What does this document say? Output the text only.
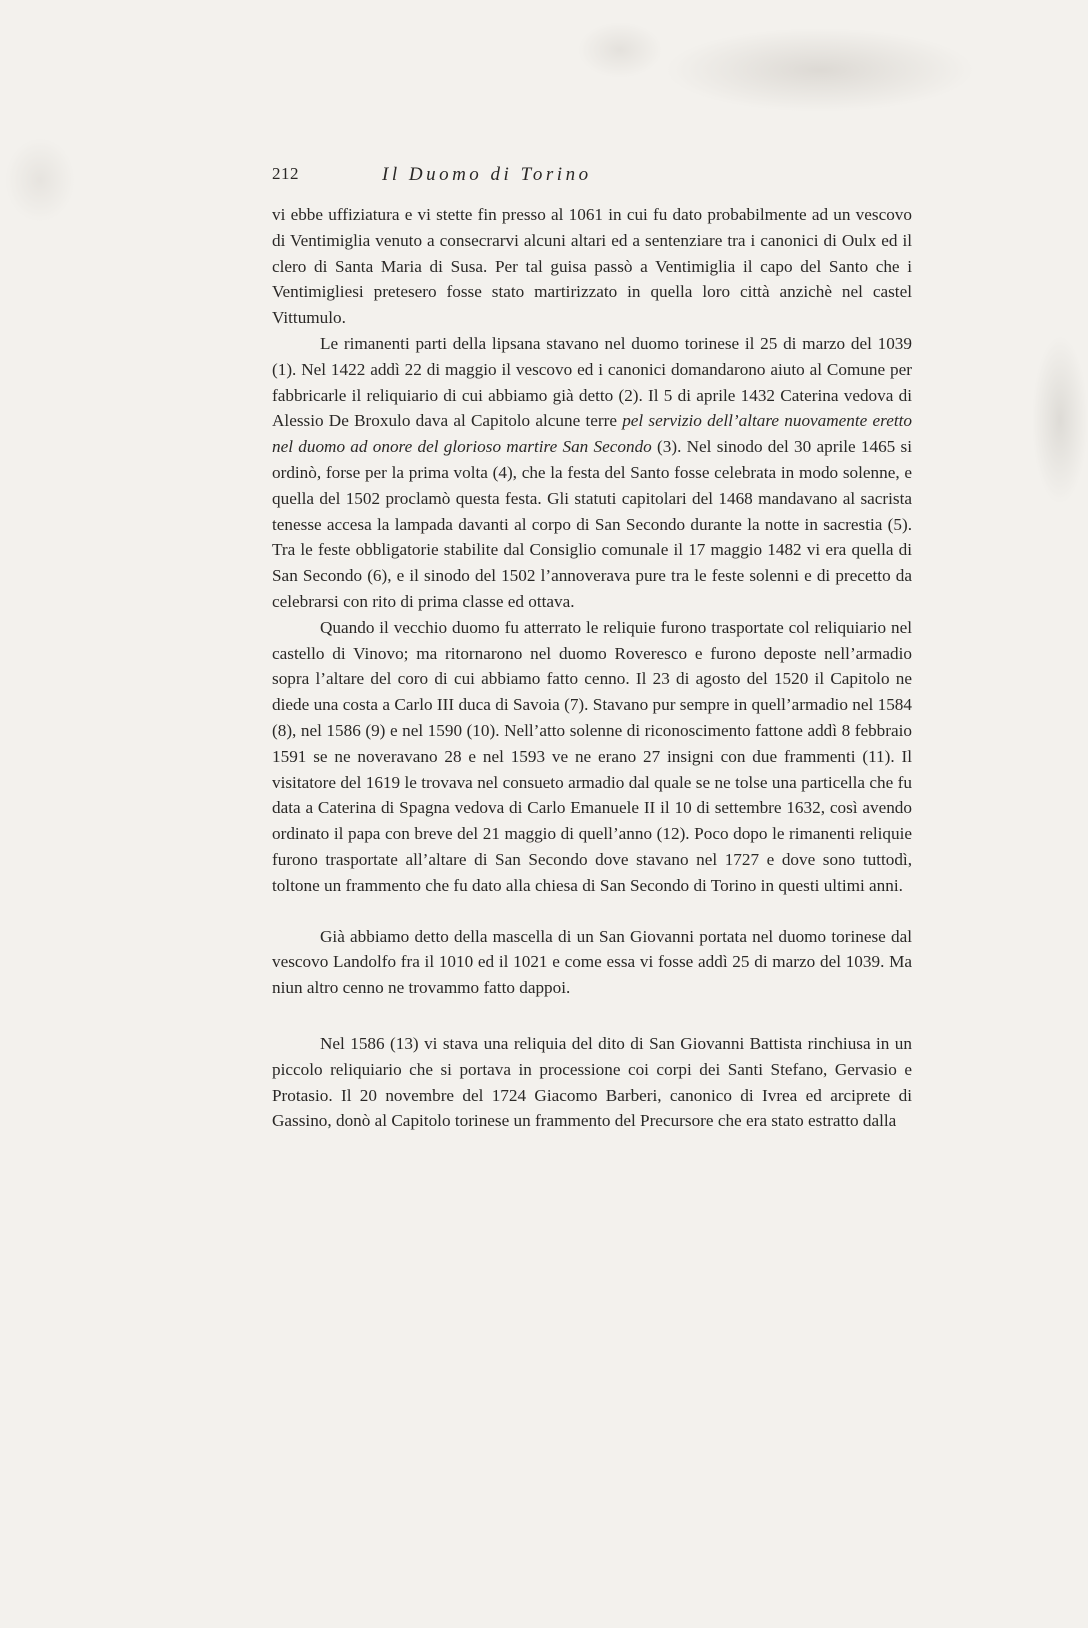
212	Il Duomo di Torino

vi ebbe uffiziatura e vi stette fin presso al 1061 in cui fu dato probabilmente ad un vescovo di Ventimiglia venuto a consecrarvi alcuni altari ed a sentenziare tra i canonici di Oulx ed il clero di Santa Maria di Susa. Per tal guisa passò a Ventimiglia il capo del Santo che i Ventimigliesi pretesero fosse stato martirizzato in quella loro città anzichè nel castel Vittumulo.

Le rimanenti parti della lipsana stavano nel duomo torinese il 25 di marzo del 1039 (1). Nel 1422 addì 22 di maggio il vescovo ed i canonici domandarono aiuto al Comune per fabbricarle il reliquiario di cui abbiamo già detto (2). Il 5 di aprile 1432 Caterina vedova di Alessio De Broxulo dava al Capitolo alcune terre pel servizio dell’altare nuovamente eretto nel duomo ad onore del glorioso martire San Secondo (3). Nel sinodo del 30 aprile 1465 si ordinò, forse per la prima volta (4), che la festa del Santo fosse celebrata in modo solenne, e quella del 1502 proclamò questa festa. Gli statuti capitolari del 1468 mandavano al sacrista tenesse accesa la lampada davanti al corpo di San Secondo durante la notte in sacrestia (5). Tra le feste obbligatorie stabilite dal Consiglio comunale il 17 maggio 1482 vi era quella di San Secondo (6), e il sinodo del 1502 l’annoverava pure tra le feste solenni e di precetto da celebrarsi con rito di prima classe ed ottava.

Quando il vecchio duomo fu atterrato le reliquie furono trasportate col reliquiario nel castello di Vinovo; ma ritornarono nel duomo Roveresco e furono deposte nell’armadio sopra l’altare del coro di cui abbiamo fatto cenno. Il 23 di agosto del 1520 il Capitolo ne diede una costa a Carlo III duca di Savoia (7). Stavano pur sempre in quell’armadio nel 1584 (8), nel 1586 (9) e nel 1590 (10). Nell’atto solenne di riconoscimento fattone addì 8 febbraio 1591 se ne noveravano 28 e nel 1593 ve ne erano 27 insigni con due frammenti (11). Il visitatore del 1619 le trovava nel consueto armadio dal quale se ne tolse una particella che fu data a Caterina di Spagna vedova di Carlo Emanuele II il 10 di settembre 1632, così avendo ordinato il papa con breve del 21 maggio di quell’anno (12). Poco dopo le rimanenti reliquie furono trasportate all’altare di San Secondo dove stavano nel 1727 e dove sono tuttodì, toltone un frammento che fu dato alla chiesa di San Secondo di Torino in questi ultimi anni.

Già abbiamo detto della mascella di un San Giovanni portata nel duomo torinese dal vescovo Landolfo fra il 1010 ed il 1021 e come essa vi fosse addì 25 di marzo del 1039. Ma niun altro cenno ne trovammo fatto dappoi.

Nel 1586 (13) vi stava una reliquia del dito di San Giovanni Battista rinchiusa in un piccolo reliquiario che si portava in processione coi corpi dei Santi Stefano, Gervasio e Protasio. Il 20 novembre del 1724 Giacomo Barberi, canonico di Ivrea ed arciprete di Gassino, donò al Capitolo torinese un frammento del Precursore che era stato estratto dalla
